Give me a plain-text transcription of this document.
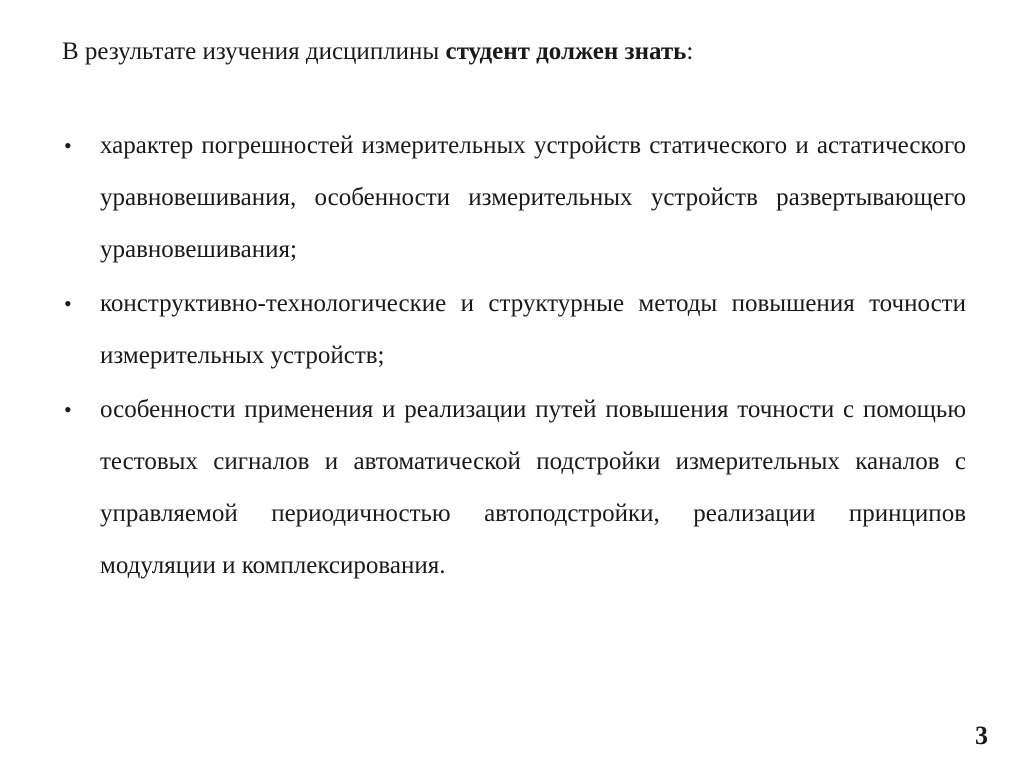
В результате изучения дисциплины студент должен знать:

•	характер погрешностей измерительных устройств статического и астатического уравновешивания, особенности измерительных устройств развертывающего уравновешивания;
•	конструктивно-технологические и структурные методы повышения точности измерительных устройств;
•	особенности применения и реализации путей повышения точности с помощью тестовых сигналов и автоматической подстройки измерительных каналов с управляемой периодичностью автоподстройки, реализации принципов модуляции и комплексирования.
3
